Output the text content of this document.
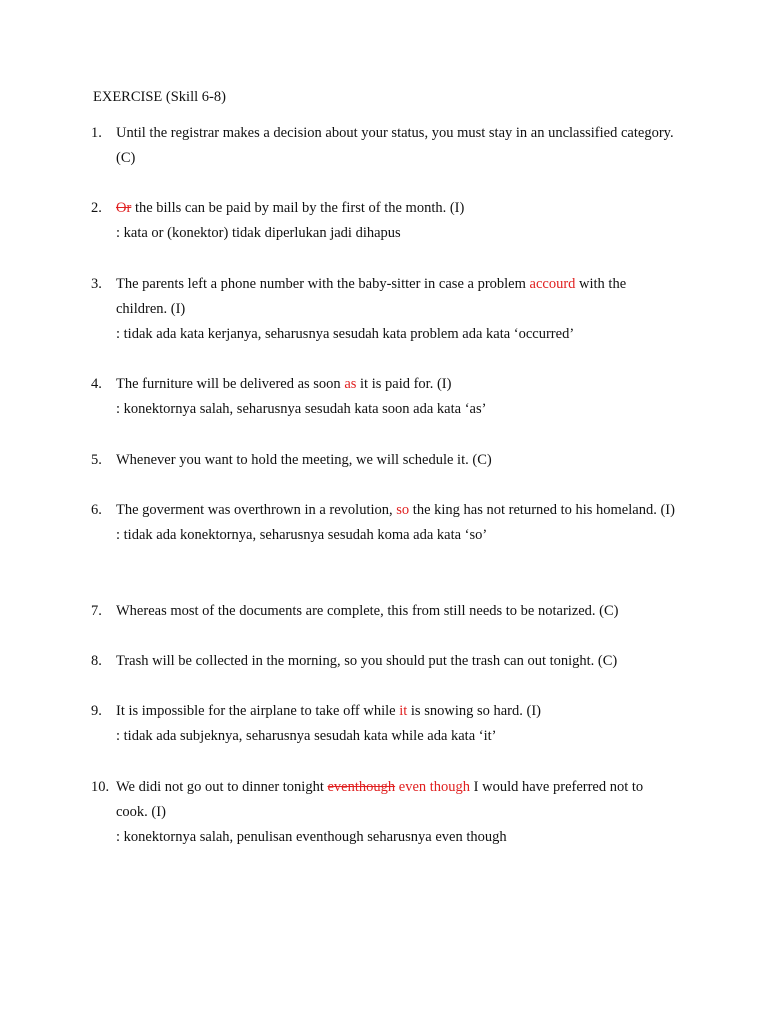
EXERCISE (Skill 6-8)
1. Until the registrar makes a decision about your status, you must stay in an unclassified category. (C)
2. Or the bills can be paid by mail by the first of the month. (I)
: kata or (konektor) tidak diperlukan jadi dihapus
3. The parents left a phone number with the baby-sitter in case a problem accourd with the children. (I)
: tidak ada kata kerjanya, seharusnya sesudah kata problem ada kata ‘occurred’
4. The furniture will be delivered as soon as it is paid for. (I)
: konektornya salah, seharusnya sesudah kata soon ada kata ‘as’
5. Whenever you want to hold the meeting, we will schedule it. (C)
6. The goverment was overthrown in a revolution, so the king has not returned to his homeland. (I)
: tidak ada konektornya, seharusnya sesudah koma ada kata ‘so’
7. Whereas most of the documents are complete, this from still needs to be notarized. (C)
8. Trash will be collected in the morning, so you should put the trash can out tonight. (C)
9. It is impossible for the airplane to take off while it is snowing so hard. (I)
: tidak ada subjeknya, seharusnya sesudah kata while ada kata ‘it’
10. We didi not go out to dinner tonight eventhough even though I would have preferred not to cook. (I)
: konektornya salah, penulisan eventhough seharusnya even though
